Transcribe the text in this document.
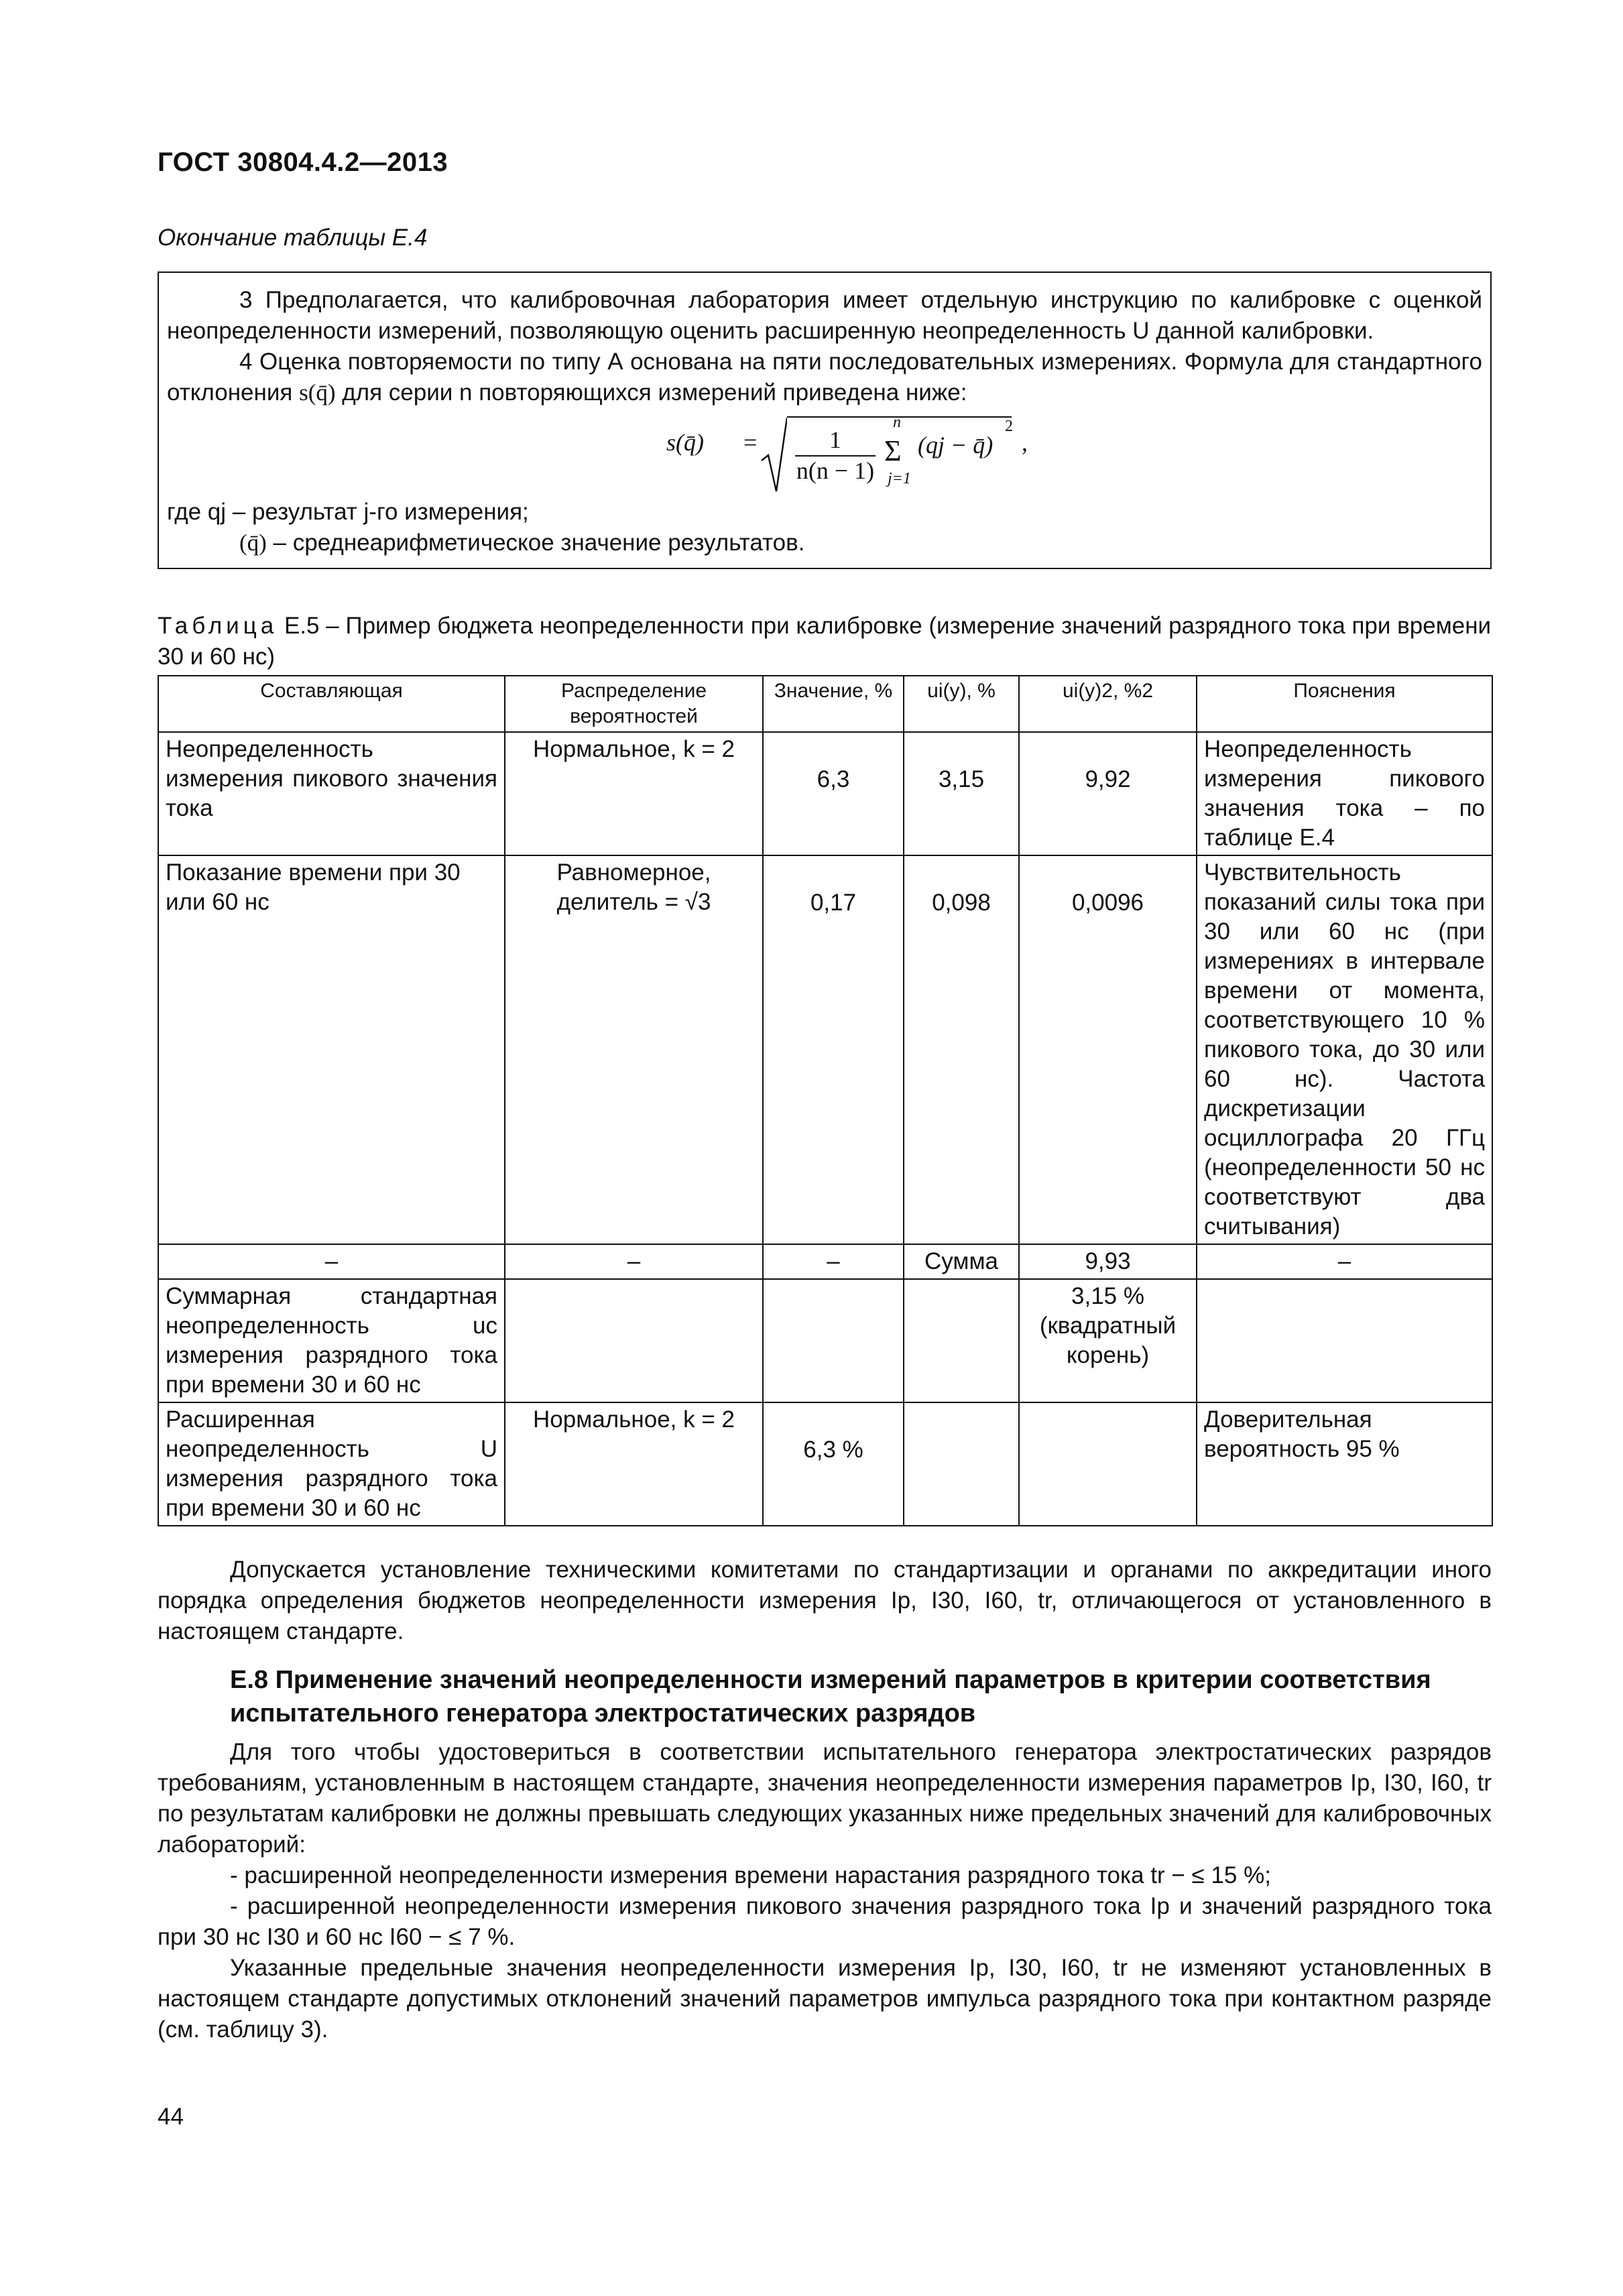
ГОСТ 30804.4.2—2013
Окончание таблицы Е.4
3 Предполагается, что калибровочная лаборатория имеет отдельную инструкцию по калибровке с оценкой неопределенности измерений, позволяющую оценить расширенную неопределенность U данной калибровки.
4 Оценка повторяемости по типу А основана на пяти последовательных измерениях. Формула для стандартного отклонения s(q̄) для серии n повторяющихся измерений приведена ниже:
s(q̄) = $\frac{1}{n(n - 1)}$
n
Σ
j=1
(qj − q̄)
2
,
где qj – результат j-го измерения;
(q̄) – среднеарифметическое значение результатов.
Таблица Е.5 – Пример бюджета неопределенности при калибровке (измерение значений разрядного тока при времени 30 и 60 нс)
Составляющая	Распределение вероятностей	Значение, %	ui(y), %	ui(y)2, %2	Пояснения
Неопределенность измерения пикового значения тока	Нормальное, k = 2	6,3	3,15	9,92	Неопределенность измерения пикового значения тока – по таблице Е.4
Показание времени при 30 или 60 нс	Равномерное, делитель = √3	0,17	0,098	0,0096	Чувствительность показаний силы тока при 30 или 60 нс (при измерениях в интервале времени от момента, соответствующего 10 % пикового тока, до 30 или 60 нс). Частота дискретизации осциллографа 20 ГГц (неопределенности 50 нс соответствуют два считывания)
–	–	–	Сумма	9,93	–
Суммарная стандартная неопределенность uc измерения разрядного тока при времени 30 и 60 нс				3,15 % (квадратный корень)	
Расширенная неопределенность U измерения разрядного тока при времени 30 и 60 нс	Нормальное, k = 2	6,3 %			Доверительная вероятность 95 %
Допускается установление техническими комитетами по стандартизации и органами по аккредитации иного порядка определения бюджетов неопределенности измерения Ip, I30, I60, tr, отличающегося от установленного в настоящем стандарте.
Е.8 Применение значений неопределенности измерений параметров в критерии соответствия испытательного генератора электростатических разрядов
Для того чтобы удостовериться в соответствии испытательного генератора электростатических разрядов требованиям, установленным в настоящем стандарте, значения неопределенности измерения параметров Ip, I30, I60, tr по результатам калибровки не должны превышать следующих указанных ниже предельных значений для калибровочных лабораторий:
- расширенной неопределенности измерения времени нарастания разрядного тока tr − ≤ 15 %;
- расширенной неопределенности измерения пикового значения разрядного тока Ip и значений разрядного тока при 30 нс I30 и 60 нс I60 − ≤ 7 %.
Указанные предельные значения неопределенности измерения Ip, I30, I60, tr не изменяют установленных в настоящем стандарте допустимых отклонений значений параметров импульса разрядного тока при контактном разряде (см. таблицу 3).
44
